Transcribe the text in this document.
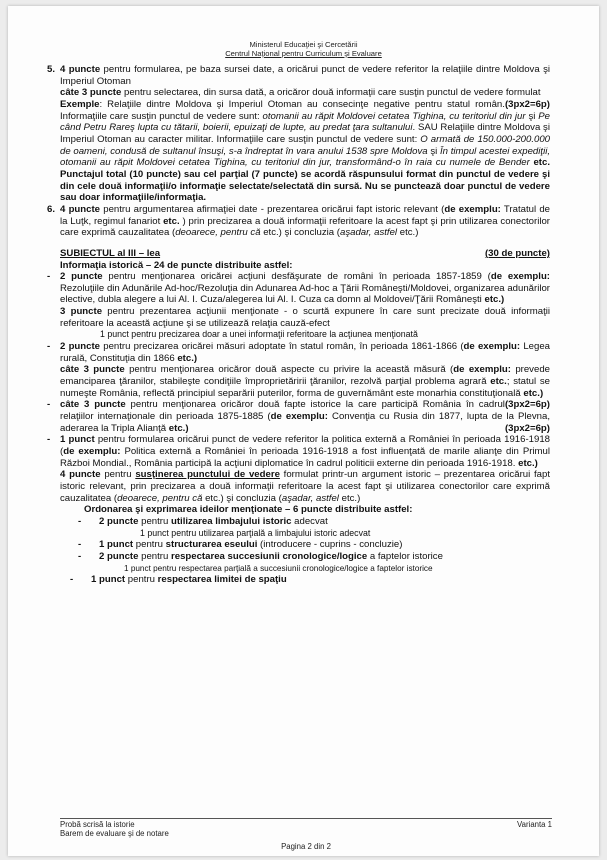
Ministerul Educaţiei şi Cercetării
Centrul Naţional pentru Curriculum şi Evaluare
5. 4 puncte pentru formularea, pe baza sursei date, a oricărui punct de vedere referitor la relaţiile dintre Moldova şi Imperiul Otoman
câte 3 puncte pentru selectarea, din sursa dată, a oricăror două informaţii care susţin punctul de vedere formulat
(3px2=6p)
Exemple: Relaţiile dintre Moldova şi Imperiul Otoman au consecinţe negative pentru statul român. Informaţiile care susţin punctul de vedere sunt: otomanii au răpit Moldovei cetatea Tighina, cu teritoriul din jur şi Pe când Petru Rareş lupta cu tătarii, boierii, epuizaţi de lupte, au predat ţara sultanului. SAU Relaţiile dintre Moldova şi Imperiul Otoman au caracter militar. Informaţiile care susţin punctul de vedere sunt: O armată de 150.000-200.000 de oameni, condusă de sultanul însuşi, s-a îndreptat în vara anului 1538 spre Moldova şi În timpul acestei expediţii, otomanii au răpit Moldovei cetatea Tighina, cu teritoriul din jur, transformând-o în raia cu numele de Bender etc. Punctajul total (10 puncte) sau cel parţial (7 puncte) se acordă răspunsului format din punctul de vedere şi din cele două informaţii/o informaţie selectate/selectată din sursă. Nu se punctează doar punctul de vedere sau doar informaţiile/informaţia.
6. 4 puncte pentru argumentarea afirmaţiei date - prezentarea oricărui fapt istoric relevant (de exemplu: Tratatul de la Luţk, regimul fanariot etc. ) prin precizarea a două informaţii referitoare la acest fapt şi prin utilizarea conectorilor care exprimă cauzalitatea (deoarece, pentru că etc.) şi concluzia (aşadar, astfel etc.)
SUBIECTUL al III – lea	(30 de puncte)
Informaţia istorică – 24 de puncte distribuite astfel:
- 2 puncte pentru menţionarea oricărei acţiuni desfăşurate de români în perioada 1857-1859 (de exemplu: Rezoluţiile din Adunările Ad-hoc/Rezoluţia din Adunarea Ad-hoc a Ţării Româneşti/Moldovei, organizarea adunărilor elective, dubla alegere a lui Al. I. Cuza/alegerea lui Al. I. Cuza ca domn al Moldovei/Ţării Româneşti etc.)
3 puncte pentru prezentarea acţiunii menţionate - o scurtă expunere în care sunt precizate două informaţii referitoare la această acţiune şi se utilizează relaţia cauză-efect
1 punct pentru precizarea doar a unei informaţii referitoare la acţiunea menţionată
- 2 puncte pentru precizarea oricărei măsuri adoptate în statul român, în perioada 1861-1866 (de exemplu: Legea rurală, Constituţia din 1866 etc.)
câte 3 puncte pentru menţionarea oricăror două aspecte cu privire la această măsură (de exemplu: prevede emanciparea ţăranilor, stabileşte condiţiile împroprietăririi ţăranilor, rezolvă parţial problema agrară etc.; statul se numeşte România, reflectă principiul separării puterilor, forma de guvernământ este monarhia constituţională etc.)
(3px2=6p)
- câte 3 puncte pentru menţionarea oricăror două fapte istorice la care participă România în cadrul relaţiilor internaţionale din perioada 1875-1885 (de exemplu: Convenţia cu Rusia din 1877, lupta de la Plevna, aderarea la Tripla Alianţă etc.)	(3px2=6p)
- 1 punct pentru formularea oricărui punct de vedere referitor la politica externă a României în perioada 1916-1918 (de exemplu: Politica externă a României în perioada 1916-1918 a fost influenţată de marile alianţe din Primul Război Mondial., România participă la acţiuni diplomatice în cadrul politicii externe din perioada 1916-1918. etc.)
4 puncte pentru susţinerea punctului de vedere formulat printr-un argument istoric – prezentarea oricărui fapt istoric relevant, prin precizarea a două informaţii referitoare la acest fapt şi utilizarea conectorilor care exprimă cauzalitatea (deoarece, pentru că etc.) şi concluzia (aşadar, astfel etc.)
Ordonarea şi exprimarea ideilor menţionate – 6 puncte distribuite astfel:
- 2 puncte pentru utilizarea limbajului istoric adecvat
1 punct pentru utilizarea parţială a limbajului istoric adecvat
- 1 punct pentru structurarea eseului (introducere - cuprins - concluzie)
- 2 puncte pentru respectarea succesiunii cronologice/logice a faptelor istorice
1 punct pentru respectarea parţială a succesiunii cronologice/logice a faptelor istorice
- 1 punct pentru respectarea limitei de spaţiu
Probă scrisă la istorie	Varianta 1
Barem de evaluare şi de notare
Pagina 2 din 2
